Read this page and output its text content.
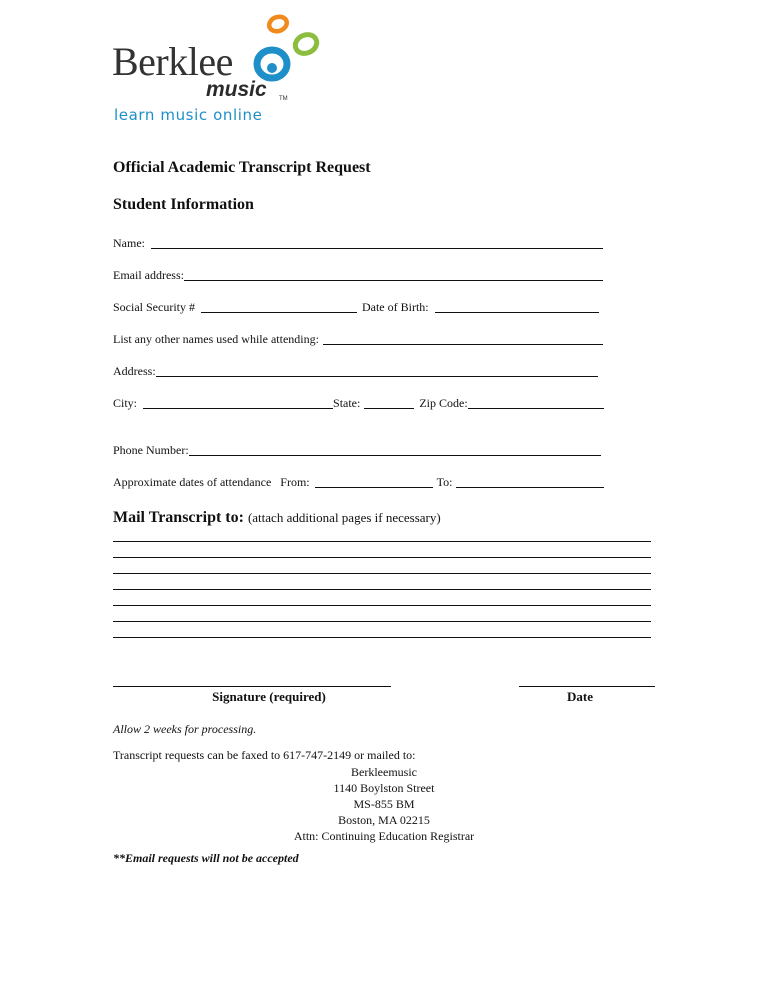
Berklee
music TM
learn music online
Official Academic Transcript Request
Student Information
Name:
Email address:
Social Security #	Date of Birth:
List any other names used while attending:
Address:
City:	State:	Zip Code:
Phone Number:
Approximate dates of attendance From:	To:
Mail Transcript to: (attach additional pages if necessary)
Signature (required)	Date
Allow 2 weeks for processing.
Transcript requests can be faxed to 617-747-2149 or mailed to:
Berkleemusic
1140 Boylston Street
MS-855 BM
Boston, MA 02215
Attn: Continuing Education Registrar
**Email requests will not be accepted
